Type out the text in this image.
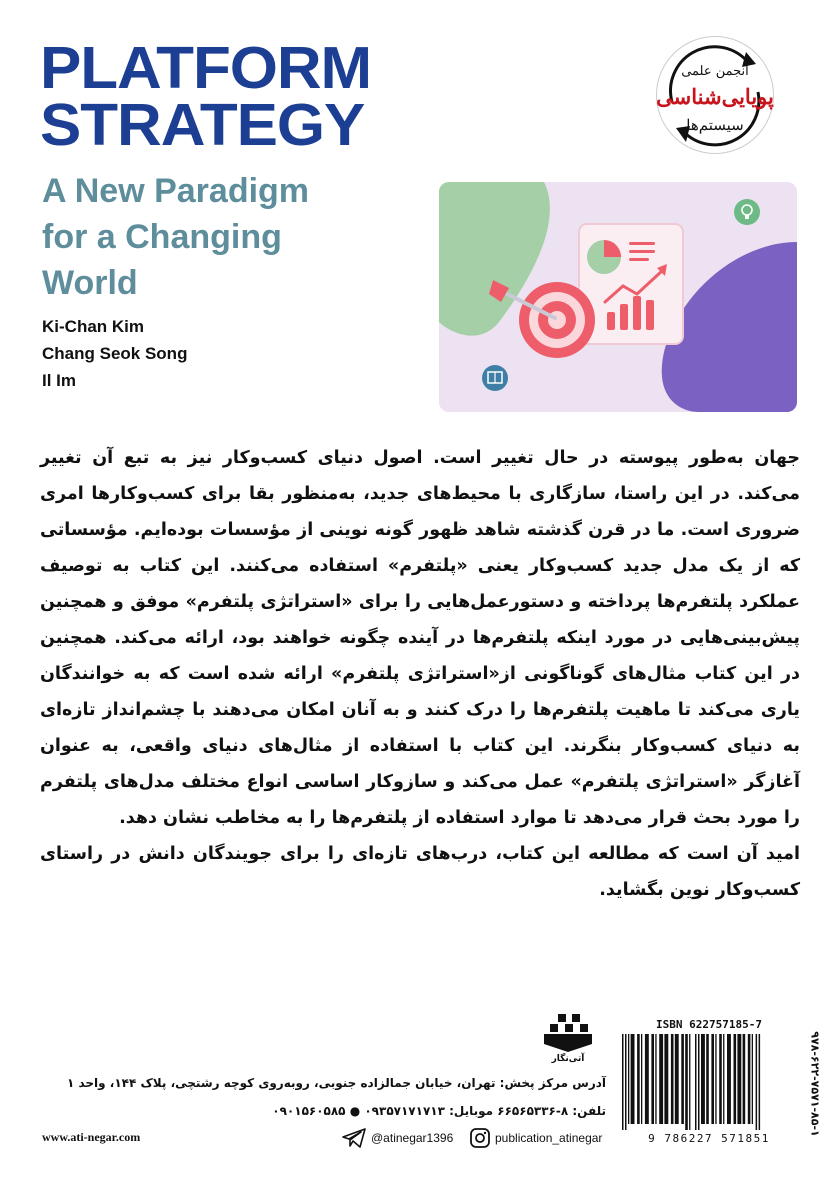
PLATFORM
STRATEGY
A New Paradigm
for a Changing
World
Ki-Chan Kim
Chang Seok Song
Il Im
انجمن علمی
پویایی‌شناسی
سیستم‌ها

جهان به‌طور پیوسته در حال تغییر است. اصول دنیای کسب‌وکار نیز به تبع آن تغییر می‌کند. در این راستا، سازگاری با محیط‌های جدید، به‌منظور بقا برای کسب‌وکارها امری ضروری است. ما در قرن گذشته شاهد ظهور گونه نوینی از مؤسسات بوده‌ایم. مؤسساتی که از یک مدل جدید کسب‌وکار یعنی «پلتفرم» استفاده می‌کنند. این کتاب به توصیف عملکرد پلتفرم‌ها پرداخته و دستورعمل‌هایی را برای «استراتژی پلتفرم» موفق و همچنین پیش‌بینی‌هایی در مورد اینکه پلتفرم‌ها در آینده چگونه خواهند بود، ارائه می‌کند. همچنین در این کتاب مثال‌های گوناگونی از«استراتژی پلتفرم» ارائه شده است که به خوانندگان یاری می‌کند تا ماهیت پلتفرم‌ها را درک کنند و به آنان امکان می‌دهند با چشم‌انداز تازه‌ای به دنیای کسب‌وکار بنگرند. این کتاب با استفاده از مثال‌های دنیای واقعی، به عنوان آغازگر «استراتژی پلتفرم» عمل می‌کند و سازوکار اساسی انواع مختلف مدل‌های پلتفرم را مورد بحث قرار می‌دهد تا موارد استفاده از پلتفرم‌ها را به مخاطب نشان دهد.

امید آن است که مطالعه این کتاب، درب‌های تازه‌ای را برای جویندگان دانش در راستای کسب‌وکار نوین بگشاید.

آتی‌نگار
ISBN 622757185-7
9 786227 571851
۹۷۸-۶۲۲-۷۵۷۱-۸۵-۱

آدرس مرکز پخش: تهران، خیابان جمالزاده جنوبی، روبه‌روی کوچه رشتچی، پلاک ۱۴۴، واحد ۱

تلفن: ۸-۶۶۵۶۵۳۳۶ موبایل: ۰۹۳۵۷۱۷۱۷۱۳ ● ۰۹۰۱۵۶۰۵۸۵

www.ati-negar.com	@atinegar1396	publication_atinegar
